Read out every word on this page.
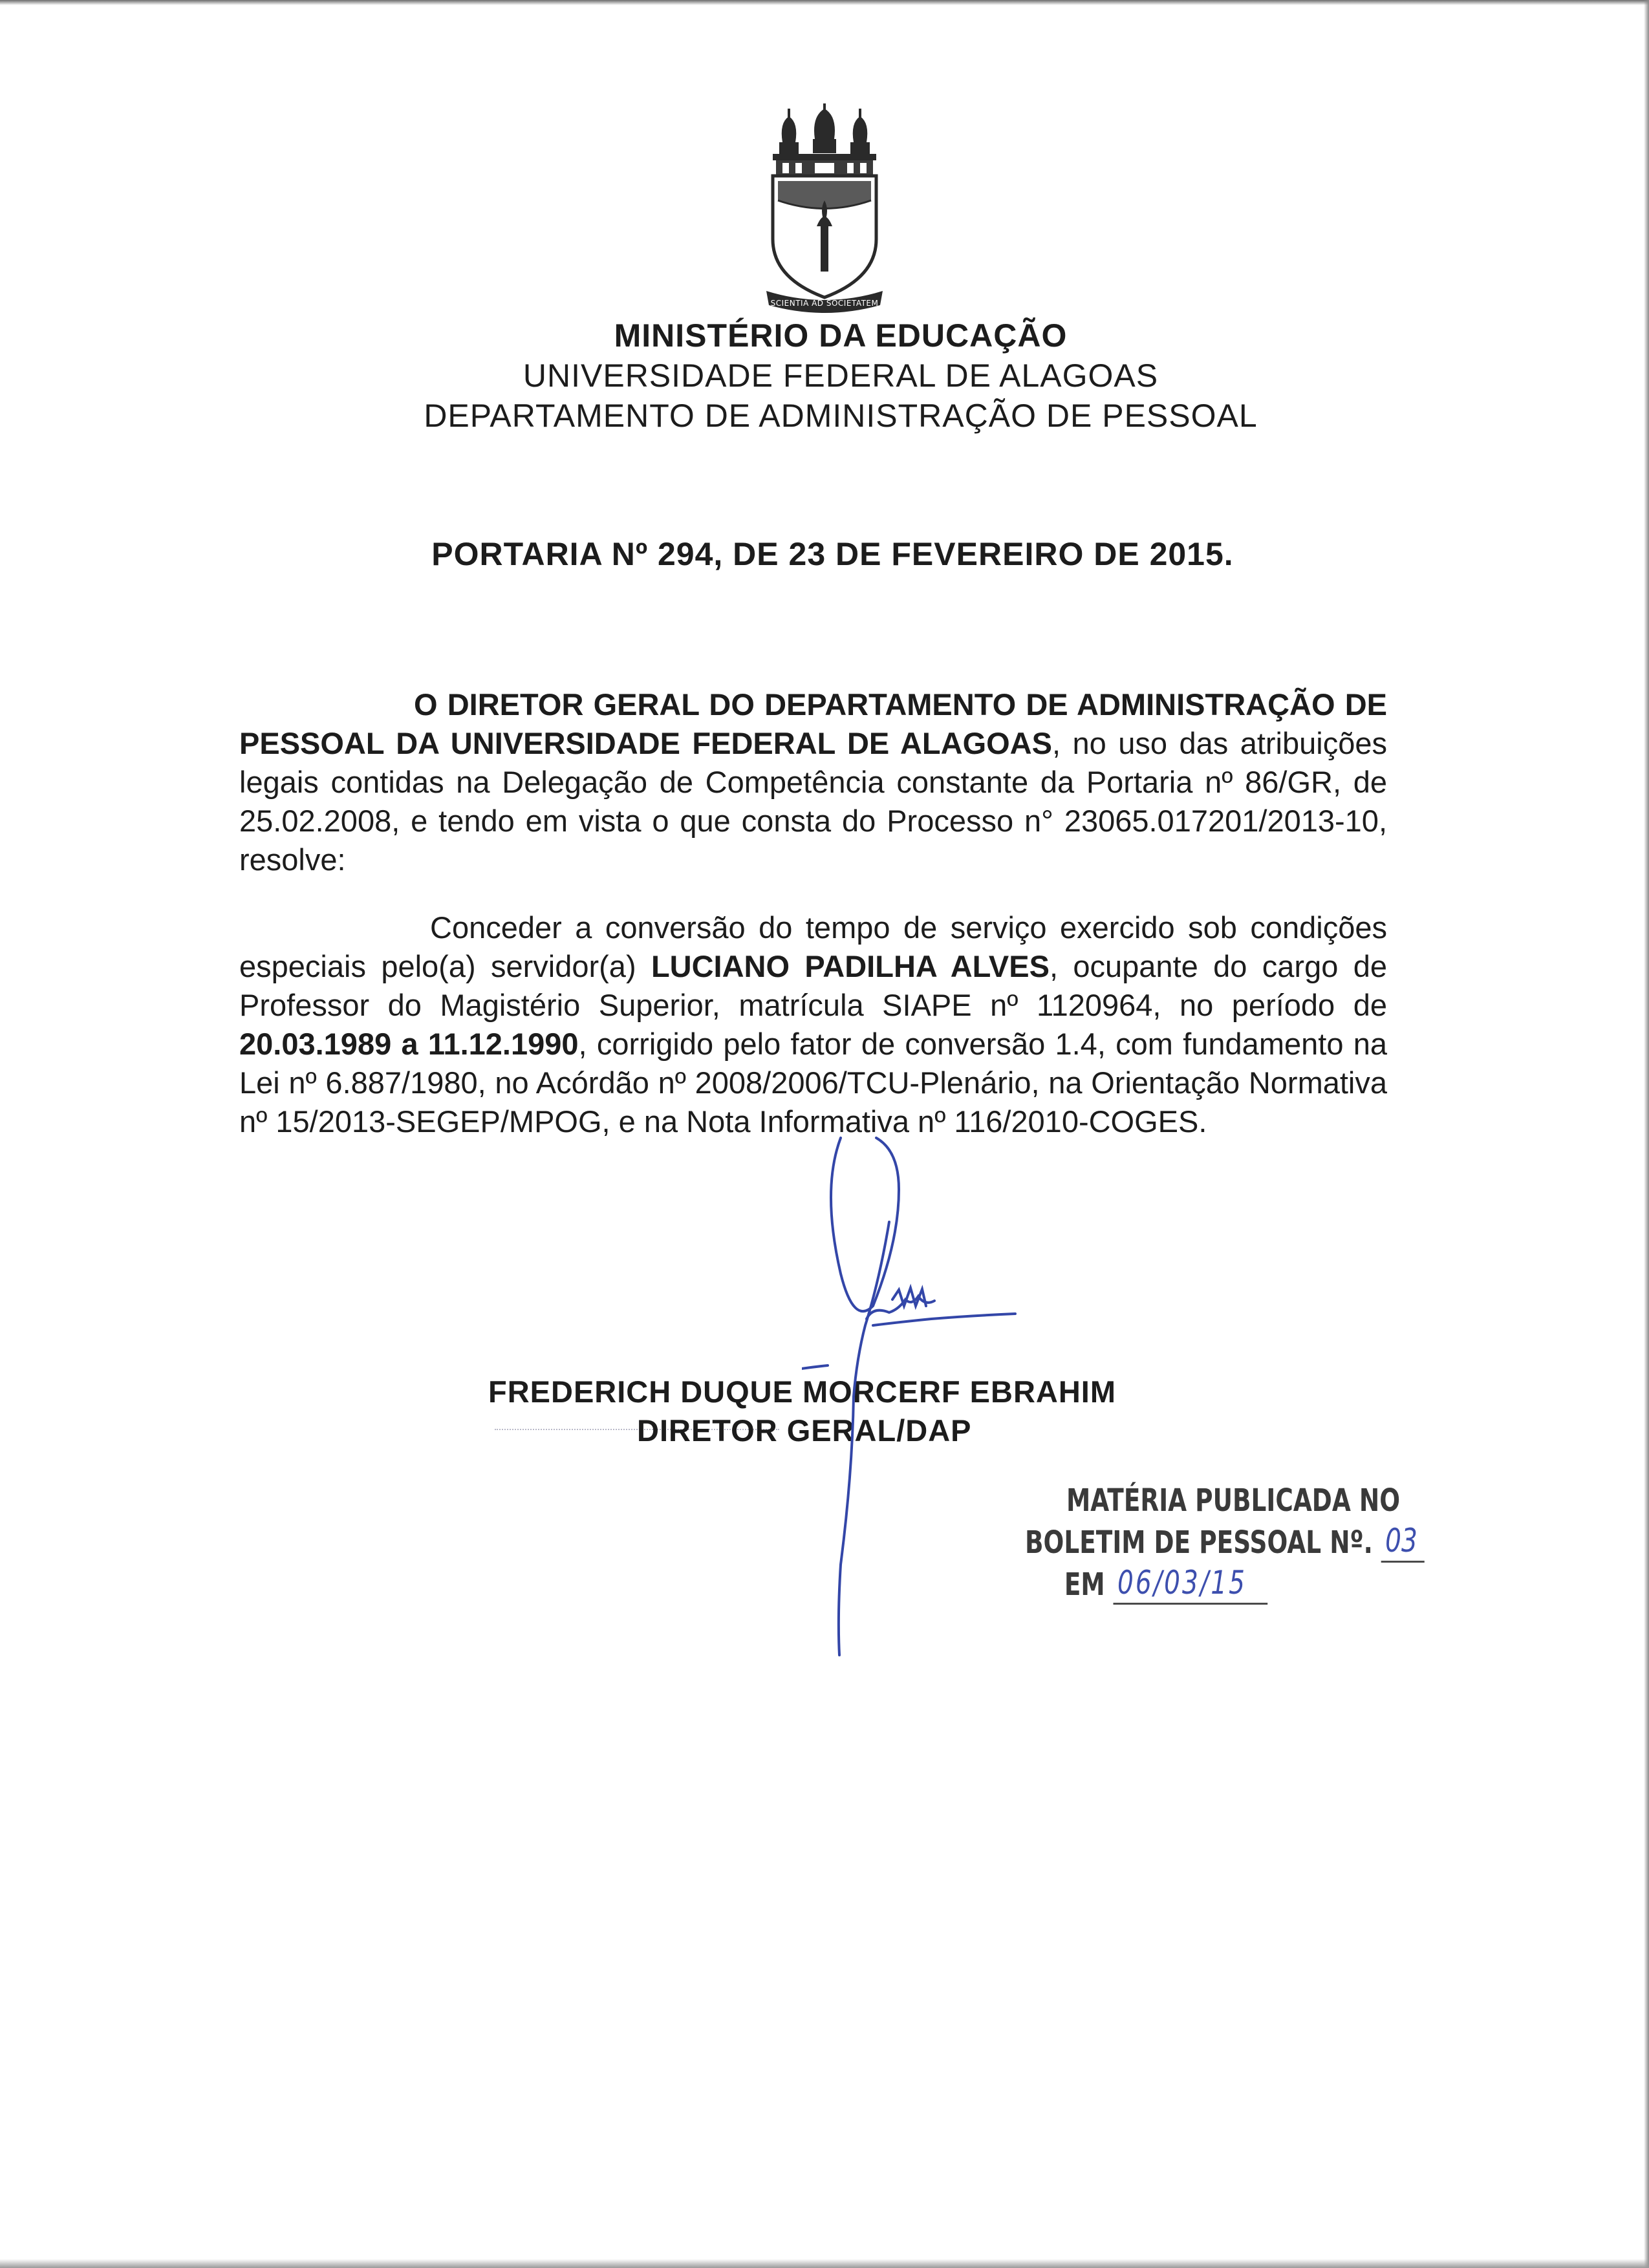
SCIENTIA AD SOCIETATEM
MINISTÉRIO DA EDUCAÇÃO
UNIVERSIDADE FEDERAL DE ALAGOAS
DEPARTAMENTO DE ADMINISTRAÇÃO DE PESSOAL
PORTARIA Nº 294, DE 23 DE FEVEREIRO DE 2015.
O DIRETOR GERAL DO DEPARTAMENTO DE ADMINISTRAÇÃO DE PESSOAL DA UNIVERSIDADE FEDERAL DE ALAGOAS, no uso das atribuições legais contidas na Delegação de Competência constante da Portaria nº 86/GR, de 25.02.2008, e tendo em vista o que consta do Processo n° 23065.017201/2013-10, resolve:
Conceder a conversão do tempo de serviço exercido sob condições especiais pelo(a) servidor(a) LUCIANO PADILHA ALVES, ocupante do cargo de Professor do Magistério Superior, matrícula SIAPE nº 1120964, no período de 20.03.1989 a 11.12.1990, corrigido pelo fator de conversão 1.4, com fundamento na Lei nº 6.887/1980, no Acórdão nº 2008/2006/TCU-Plenário, na Orientação Normativa nº 15/2013-SEGEP/MPOG, e na Nota Informativa nº 116/2010-COGES.
FREDERICH DUQUE MORCERF EBRAHIM
DIRETOR GERAL/DAP
MATÉRIA PUBLICADA NO
BOLETIM DE PESSOAL Nº. 03
EM 06/03/15
